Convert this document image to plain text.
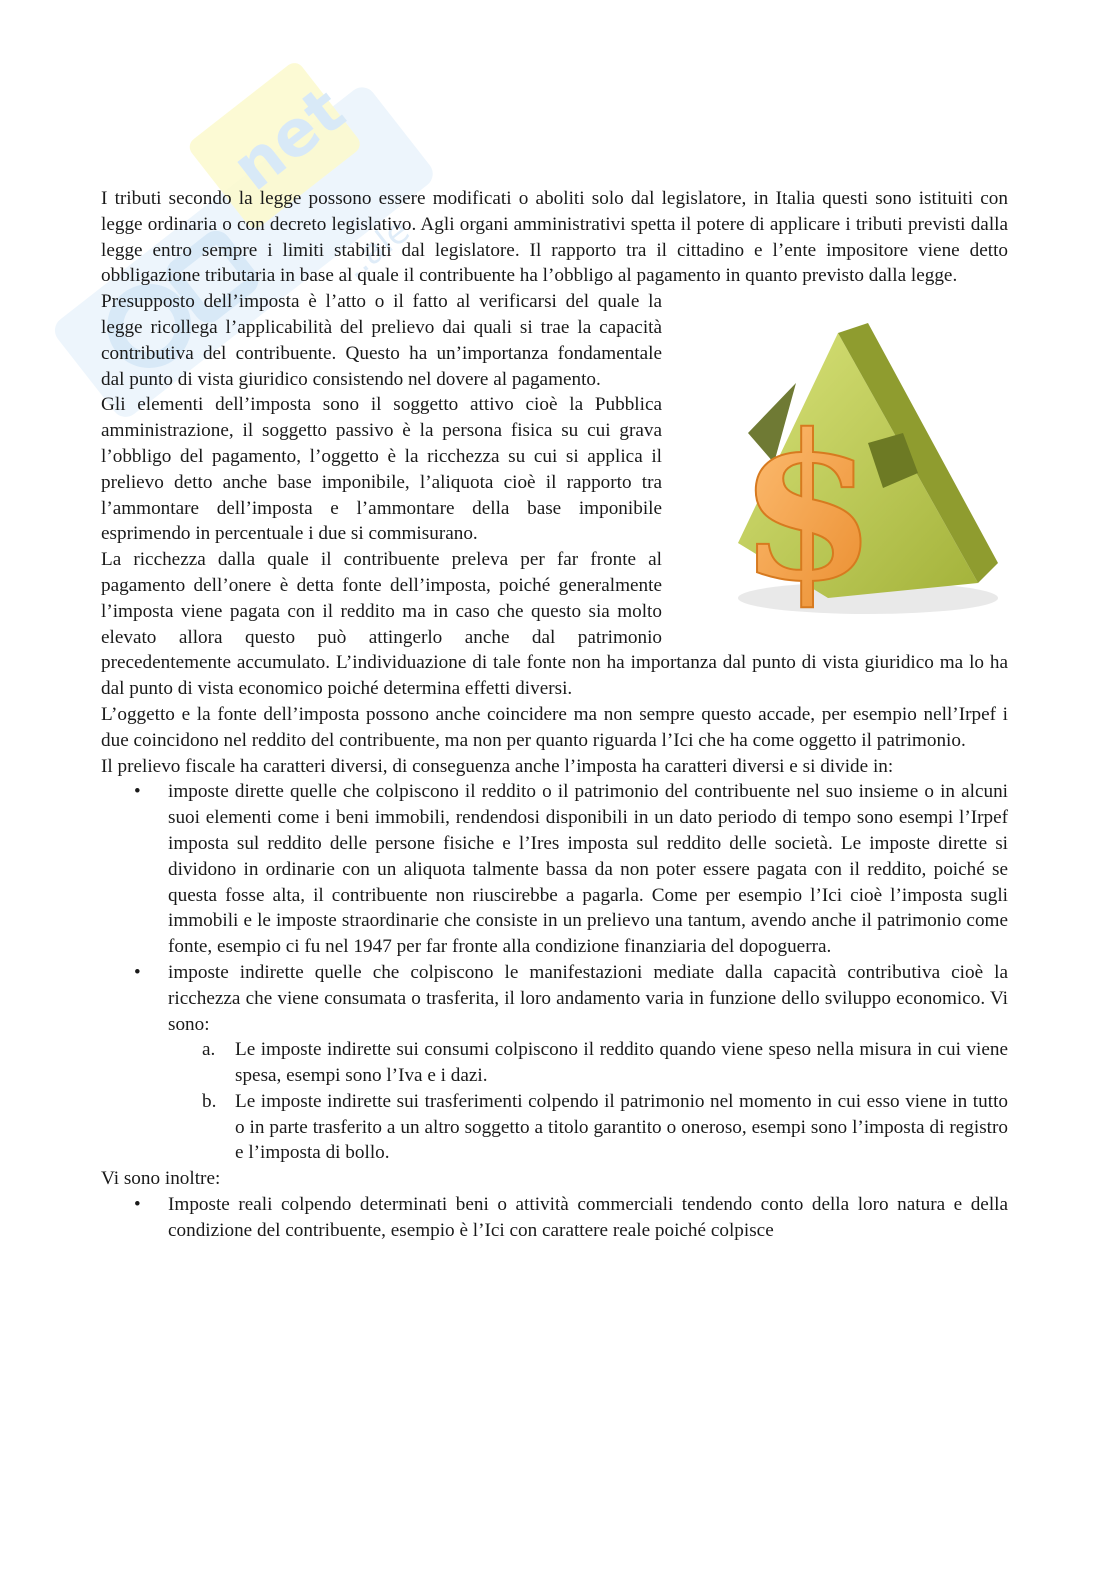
net
..ale

I tributi secondo la legge possono essere modificati o aboliti solo dal legislatore, in Italia questi sono istituiti con legge ordinaria o con decreto legislativo. Agli organi amministrativi spetta il potere di applicare i tributi previsti dalla legge entro sempre i limiti stabiliti dal legislatore. Il rapporto tra il cittadino e l’ente impositore viene detto obbligazione tributaria in base al quale il contribuente ha l’obbligo al pagamento in quanto previsto dalla legge.

$

Presupposto dell’imposta è l’atto o il fatto al verificarsi del quale la legge ricollega l’applicabilità del prelievo dai quali si trae la capacità contributiva del contribuente. Questo ha un’importanza fondamentale dal punto di vista giuridico consistendo nel dovere al pagamento.

Gli elementi dell’imposta sono il soggetto attivo cioè la Pubblica amministrazione, il soggetto passivo è la persona fisica su cui grava l’obbligo del pagamento, l’oggetto è la ricchezza su cui si applica il prelievo detto anche base imponibile, l’aliquota cioè il rapporto tra l’ammontare dell’imposta e l’ammontare della base imponibile esprimendo in percentuale i due si commisurano.

La ricchezza dalla quale il contribuente preleva per far fronte al pagamento dell’onere è detta fonte dell’imposta, poiché generalmente l’imposta viene pagata con il reddito ma in caso che questo sia molto elevato allora questo può attingerlo anche dal patrimonio precedentemente accumulato. L’individuazione di tale fonte non ha importanza dal punto di vista giuridico ma lo ha dal punto di vista economico poiché determina effetti diversi.

L’oggetto e la fonte dell’imposta possono anche coincidere ma non sempre questo accade, per esempio nell’Irpef i due coincidono nel reddito del contribuente, ma non per quanto riguarda l’Ici che ha come oggetto il patrimonio.

Il prelievo fiscale ha caratteri diversi, di conseguenza anche l’imposta ha caratteri diversi e si divide in:

• imposte dirette quelle che colpiscono il reddito o il patrimonio del contribuente nel suo insieme o in alcuni suoi elementi come i beni immobili, rendendosi disponibili in un dato periodo di tempo sono esempi l’Irpef imposta sul reddito delle persone fisiche e l’Ires imposta sul reddito delle società. Le imposte dirette si dividono in ordinarie con un aliquota talmente bassa da non poter essere pagata con il reddito, poiché se questa fosse alta, il contribuente non riuscirebbe a pagarla. Come per esempio l’Ici cioè l’imposta sugli immobili e le imposte straordinarie che consiste in un prelievo una tantum, avendo anche il patrimonio come fonte, esempio ci fu nel 1947 per far fronte alla condizione finanziaria del dopoguerra.
• imposte indirette quelle che colpiscono le manifestazioni mediate dalla capacità contributiva cioè la ricchezza che viene consumata o trasferita, il loro andamento varia in funzione dello sviluppo economico. Vi sono:
a. Le imposte indirette sui consumi colpiscono il reddito quando viene speso nella misura in cui viene spesa, esempi sono l’Iva e i dazi.
b. Le imposte indirette sui trasferimenti colpendo il patrimonio nel momento in cui esso viene in tutto o in parte trasferito a un altro soggetto a titolo garantito o oneroso, esempi sono l’imposta di registro e l’imposta di bollo.

Vi sono inoltre:

• Imposte reali colpendo determinati beni o attività commerciali tendendo conto della loro natura e della condizione del contribuente, esempio è l’Ici con carattere reale poiché colpisce
